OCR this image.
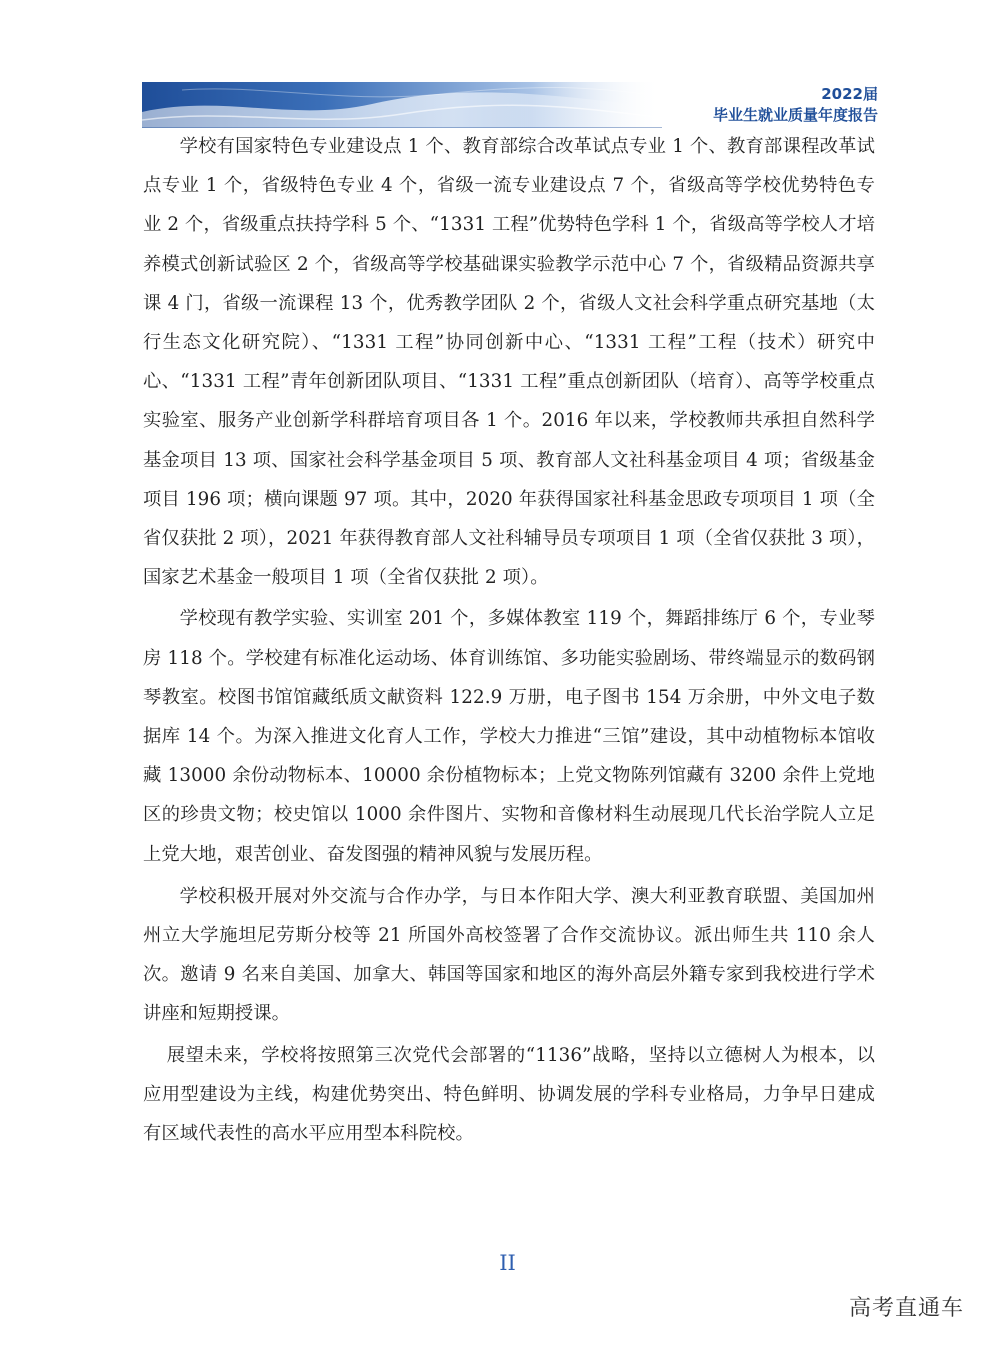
2022届
毕业生就业质量年度报告

学校有国家特色专业建设点 1 个、教育部综合改革试点专业 1 个、教育部课程改革试点专业 1 个，省级特色专业 4 个，省级一流专业建设点 7 个，省级高等学校优势特色专业 2 个，省级重点扶持学科 5 个、“1331 工程”优势特色学科 1 个，省级高等学校人才培养模式创新试验区 2 个，省级高等学校基础课实验教学示范中心 7 个，省级精品资源共享课 4 门，省级一流课程 13 个，优秀教学团队 2 个，省级人文社会科学重点研究基地（太行生态文化研究院）、“1331 工程”协同创新中心、“1331 工程”工程（技术）研究中心、“1331 工程”青年创新团队项目、“1331 工程”重点创新团队（培育）、高等学校重点实验室、服务产业创新学科群培育项目各 1 个。2016 年以来，学校教师共承担自然科学基金项目 13 项、国家社会科学基金项目 5 项、教育部人文社科基金项目 4 项；省级基金项目 196 项；横向课题 97 项。其中，2020 年获得国家社科基金思政专项项目 1 项（全省仅获批 2 项），2021 年获得教育部人文社科辅导员专项项目 1 项（全省仅获批 3 项），国家艺术基金一般项目 1 项（全省仅获批 2 项）。

学校现有教学实验、实训室 201 个，多媒体教室 119 个，舞蹈排练厅 6 个，专业琴房 118 个。学校建有标准化运动场、体育训练馆、多功能实验剧场、带终端显示的数码钢琴教室。校图书馆馆藏纸质文献资料 122.9 万册，电子图书 154 万余册，中外文电子数据库 14 个。为深入推进文化育人工作，学校大力推进“三馆”建设，其中动植物标本馆收藏 13000 余份动物标本、10000 余份植物标本；上党文物陈列馆藏有 3200 余件上党地区的珍贵文物；校史馆以 1000 余件图片、实物和音像材料生动展现几代长治学院人立足上党大地，艰苦创业、奋发图强的精神风貌与发展历程。

学校积极开展对外交流与合作办学，与日本作阳大学、澳大利亚教育联盟、美国加州州立大学施坦尼劳斯分校等 21 所国外高校签署了合作交流协议。派出师生共 110 余人次。邀请 9 名来自美国、加拿大、韩国等国家和地区的海外高层外籍专家到我校进行学术讲座和短期授课。

展望未来，学校将按照第三次党代会部署的“1136”战略，坚持以立德树人为根本，以应用型建设为主线，构建优势突出、特色鲜明、协调发展的学科专业格局，力争早日建成有区域代表性的高水平应用型本科院校。

II
高考直通车
